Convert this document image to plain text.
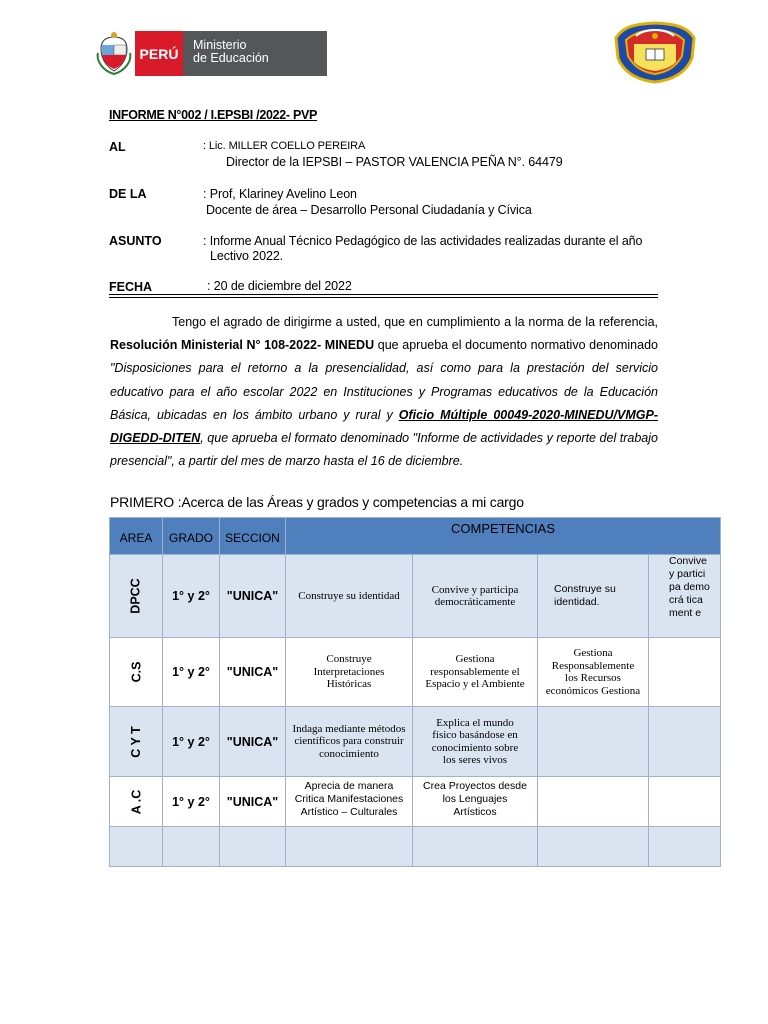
PERÚ
Ministerio
de Educación
INFORME N°002 / I.EPSBI /2022- PVP
AL	: Lic. MILLER COELLO PEREIRA
Director de la IEPSBI – PASTOR VALENCIA PEÑA N°. 64479
DE LA	: Prof, Klariney Avelino Leon
Docente de área – Desarrollo Personal Ciudadanía y Cívica
ASUNTO	: Informe Anual Técnico Pedagógico de las actividades realizadas durante el año
Lectivo 2022.
FECHA	: 20 de diciembre del 2022
Tengo el agrado de dirigirme a usted, que en cumplimiento a la norma de la referencia, Resolución Ministerial N° 108-2022- MINEDU que aprueba el documento normativo denominado "Disposiciones para el retorno a la presencialidad, así como para la prestación del servicio educativo para el año escolar 2022 en Instituciones y Programas educativos de la Educación Básica, ubicadas en los ámbito urbano y rural y Oficio Múltiple 00049-2020-MINEDU/VMGP-DIGEDD-DITEN, que aprueba el formato denominado "Informe de actividades y reporte del trabajo presencial", a partir del mes de marzo hasta el 16 de diciembre.
PRIMERO :Acerca de las Áreas y grados y competencias a mi cargo
AREA	GRADO	SECCION	COMPETENCIAS			
DPCC	1° y 2°	"UNICA"	Construye su identidad	Convive y participa democráticamente	Construye su identidad.	Convive y participa democrá ticament e
C.S	1° y 2°	"UNICA"	Construye Interpretaciones Históricas	Gestiona responsablemente el Espacio y el Ambiente	Gestiona Responsablemente los Recursos económicos Gestiona	
C Y T	1° y 2°	"UNICA"	Indaga mediante métodos científicos para construir conocimiento	Explica el mundo físico basándose en conocimiento sobre los seres vivos		
A .C	1° y 2°	"UNICA"	Aprecia de manera Critica Manifestaciones Artístico – Culturales	Crea Proyectos desde los Lenguajes Artísticos		
